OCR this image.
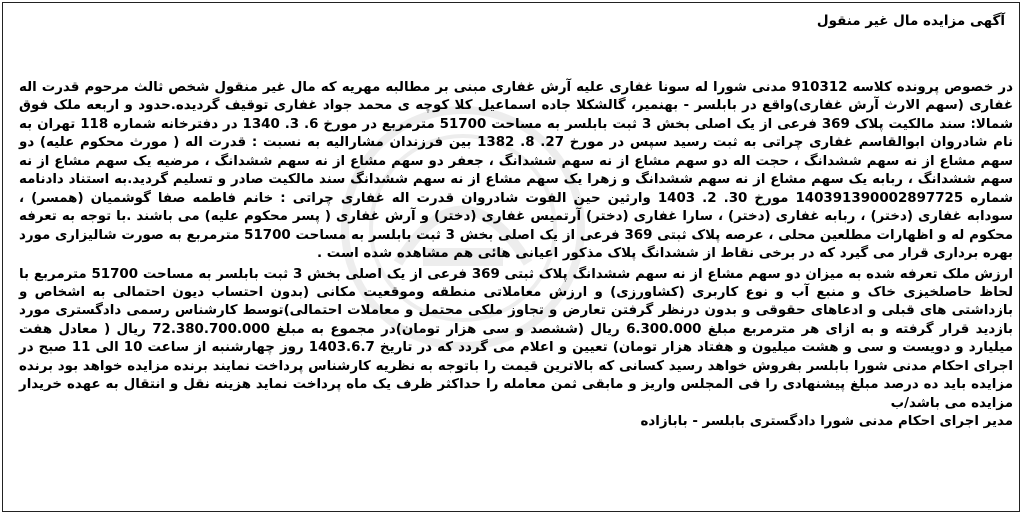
آگهی مزایده مال غیر منقول

در خصوص پرونده کلاسه 910312 مدنی شورا له سونا غفاری علیه آرش غفاری مبنی بر مطالبه مهریه که مال غیر منقول شخص ثالث مرحوم قدرت اله غفاری (سهم الارث آرش غفاری)واقع در بابلسر - بهنمیر، گالشکلا جاده اسماعیل کلا کوچه ی محمد جواد غفاری توقیف گردیده.حدود و اربعه ملک فوق شمالا: سند مالکیت پلاک 369 فرعی از یک اصلی بخش 3 ثبت بابلسر به مساحت 51700 مترمربع در مورخ 6. 3. 1340 در دفترخانه شماره 118 تهران به نام شادروان ابوالقاسم غفاری چراتی به ثبت رسید سپس در مورخ 27. 8. 1382 بین فرزندان مشارالیه به نسبت : قدرت اله ( مورث محکوم علیه) دو سهم مشاع از نه سهم ششدانگ ، حجت اله دو سهم مشاع از نه سهم ششدانگ ، جعفر دو سهم مشاع از نه سهم ششدانگ ، مرضیه یک سهم مشاع از نه سهم ششدانگ ، ربابه یک سهم مشاع از نه سهم ششدانگ و زهرا یک سهم مشاع از نه سهم ششدانگ سند مالکیت صادر و تسلیم گردید.به استناد دادنامه شماره 140391390002897725 مورخ 30. 2. 1403 وارثین حین الفوت شادروان قدرت اله غفاری چراتی : خانم فاطمه صفا گوشمیان (همسر) ، سودابه غفاری (دختر) ، ربابه غفاری (دختر) ، سارا غفاری (دختر) آرتمیس غفاری (دختر) و آرش غفاری ( پسر محکوم علیه) می باشند .با توجه به تعرفه محکوم له و اظهارات مطلعین محلی ، عرصه پلاک ثبتی 369 فرعی از یک اصلی بخش 3 ثبت بابلسر به مساحت 51700 مترمربع به صورت شالیزاری مورد بهره برداری قرار می گیرد که در برخی نقاط از ششدانگ پلاک مذکور اعیانی هائی هم مشاهده شده است .

ارزش ملک تعرفه شده به میزان دو سهم مشاع از نه سهم ششدانگ پلاک ثبتی 369 فرعی از یک اصلی بخش 3 ثبت بابلسر به مساحت 51700 مترمربع با لحاظ حاصلخیزی خاک و منبع آب و نوع کاربری (کشاورزی) و ارزش معاملاتی منطقه وموقعیت مکانی (بدون احتساب دیون احتمالی به اشخاص و بازداشتی های قبلی و ادعاهای حقوقی و بدون درنظر گرفتن تعارض و تجاوز ملکی محتمل و معاملات احتمالی)توسط کارشناس رسمی دادگستری مورد بازدید قرار گرفته و به ازای هر مترمربع مبلغ 6.300.000 ریال (ششصد و سی هزار تومان)در مجموع به مبلغ 72.380.700.000 ریال ( معادل هفت میلیارد و دویست و سی و هشت میلیون و هفتاد هزار تومان) تعیین و اعلام می گردد که در تاریخ 1403.6.7 روز چهارشنبه از ساعت 10 الی 11 صبح در اجرای احکام مدنی شورا بابلسر بفروش خواهد رسید کسانی که بالاترین قیمت را باتوجه به نظریه کارشناس پرداخت نمایند برنده مزایده خواهد بود برنده مزایده باید ده درصد مبلغ پیشنهادی را فی المجلس واریز و مابقی ثمن معامله را حداکثر ظرف یک ماه پرداخت نماید هزینه نقل و انتقال به عهده خریدار مزایده می باشد/ب

مدیر اجرای احکام مدنی شورا دادگستری بابلسر - بابازاده
